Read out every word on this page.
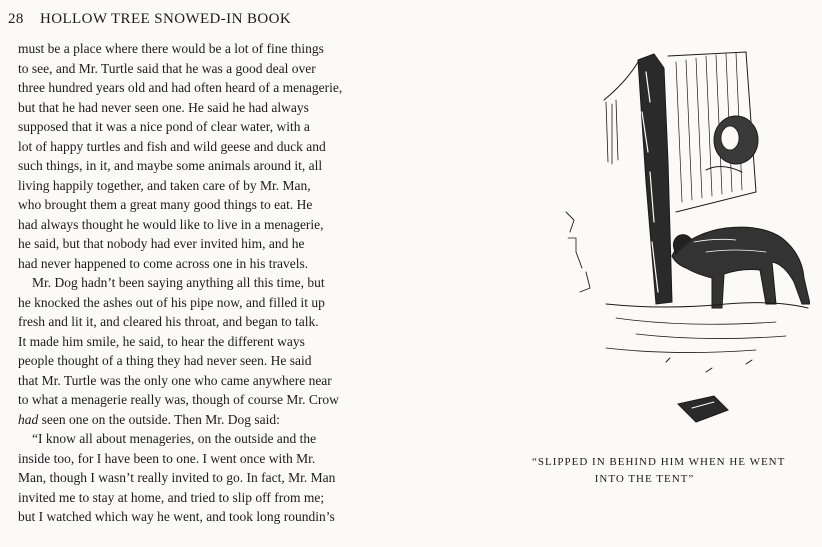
28 HOLLOW TREE SNOWED-IN BOOK
must be a place where there would be a lot of fine things
to see, and Mr. Turtle said that he was a good deal over
three hundred years old and had often heard of a menagerie,
but that he had never seen one. He said he had always
supposed that it was a nice pond of clear water, with a
lot of happy turtles and fish and wild geese and duck and
such things, in it, and maybe some animals around it, all
living happily together, and taken care of by Mr. Man,
who brought them a great many good things to eat. He
had always thought he would like to live in a menagerie,
he said, but that nobody had ever invited him, and he
had never happened to come across one in his travels.
Mr. Dog hadn’t been saying anything all this time, but
he knocked the ashes out of his pipe now, and filled it up
fresh and lit it, and cleared his throat, and began to talk.
It made him smile, he said, to hear the different ways
people thought of a thing they had never seen. He said
that Mr. Turtle was the only one who came anywhere near
to what a menagerie really was, though of course Mr. Crow
had seen one on the outside. Then Mr. Dog said:
“I know all about menageries, on the outside and the
inside too, for I have been to one. I went once with Mr.
Man, though I wasn’t really invited to go. In fact, Mr. Man
invited me to stay at home, and tried to slip off from me;
but I watched which way he went, and took long roundin’s
“SLIPPED IN BEHIND HIM WHEN HE WENT
INTO THE TENT”
